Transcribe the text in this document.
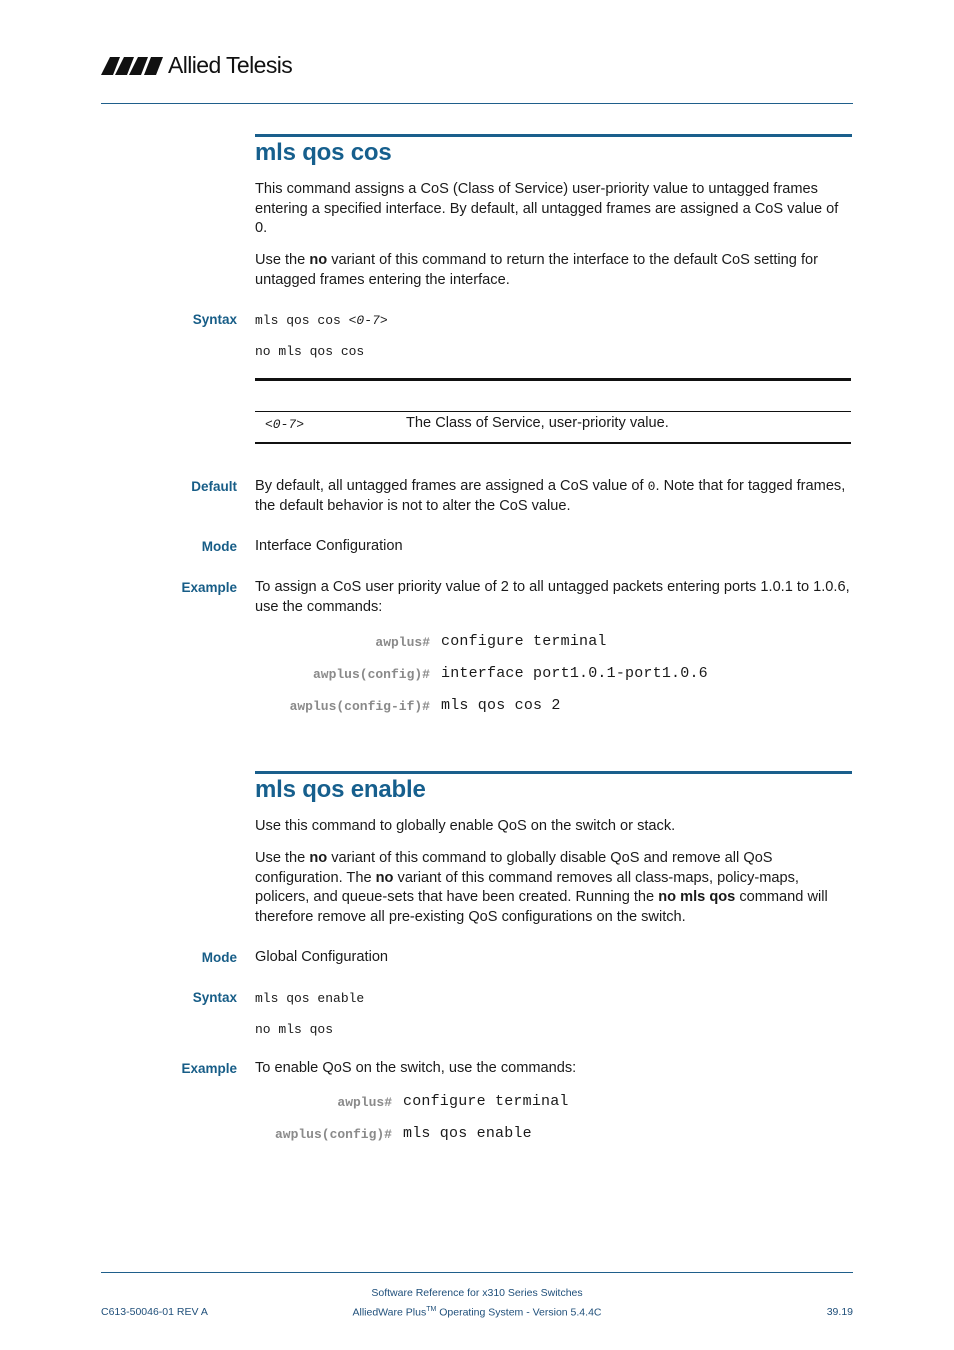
Allied Telesis
mls qos cos
This command assigns a CoS (Class of Service) user-priority value to untagged frames entering a specified interface. By default, all untagged frames are assigned a CoS value of 0.
Use the no variant of this command to return the interface to the default CoS setting for untagged frames entering the interface.
Syntax mls qos cos <0-7>
no mls qos cos
<0-7>	The Class of Service, user-priority value.
Default By default, all untagged frames are assigned a CoS value of 0. Note that for tagged frames, the default behavior is not to alter the CoS value.
Mode Interface Configuration
Example To assign a CoS user priority value of 2 to all untagged packets entering ports 1.0.1 to 1.0.6, use the commands:
awplus# configure terminal
awplus(config)# interface port1.0.1-port1.0.6
awplus(config-if)# mls qos cos 2
mls qos enable
Use this command to globally enable QoS on the switch or stack.
Use the no variant of this command to globally disable QoS and remove all QoS configuration. The no variant of this command removes all class-maps, policy-maps, policers, and queue-sets that have been created. Running the no mls qos command will therefore remove all pre-existing QoS configurations on the switch.
Mode Global Configuration
Syntax mls qos enable
no mls qos
Example To enable QoS on the switch, use the commands:
awplus# configure terminal
awplus(config)# mls qos enable
Software Reference for x310 Series Switches
C613-50046-01 REV A	AlliedWare Plus™ Operating System - Version 5.4.4C	39.19
